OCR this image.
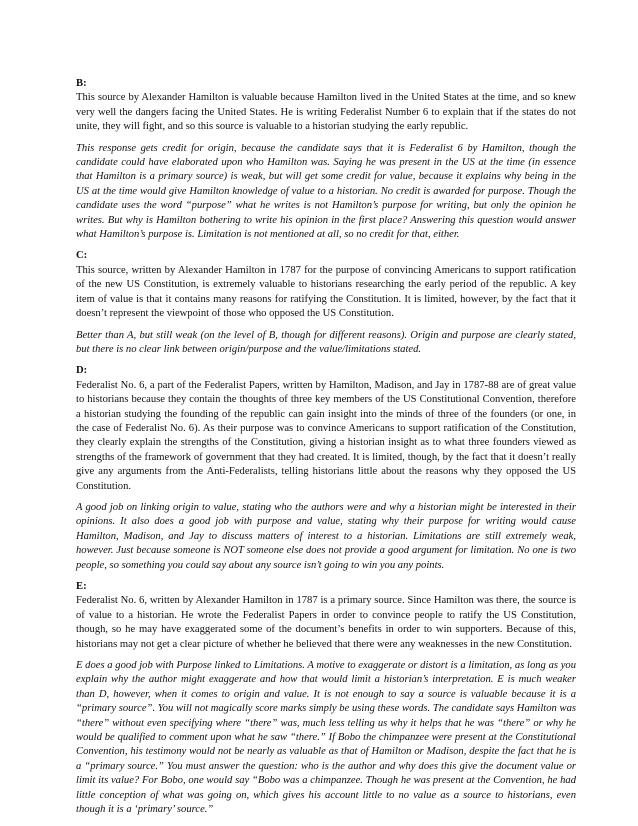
B:

This source by Alexander Hamilton is valuable because Hamilton lived in the United States at the time, and so knew very well the dangers facing the United States. He is writing Federalist Number 6 to explain that if the states do not unite, they will fight, and so this source is valuable to a historian studying the early republic.

This response gets credit for origin, because the candidate says that it is Federalist 6 by Hamilton, though the candidate could have elaborated upon who Hamilton was. Saying he was present in the US at the time (in essence that Hamilton is a primary source) is weak, but will get some credit for value, because it explains why being in the US at the time would give Hamilton knowledge of value to a historian. No credit is awarded for purpose. Though the candidate uses the word “purpose” what he writes is not Hamilton’s purpose for writing, but only the opinion he writes. But why is Hamilton bothering to write his opinion in the first place? Answering this question would answer what Hamilton’s purpose is. Limitation is not mentioned at all, so no credit for that, either.

C:

This source, written by Alexander Hamilton in 1787 for the purpose of convincing Americans to support ratification of the new US Constitution, is extremely valuable to historians researching the early period of the republic. A key item of value is that it contains many reasons for ratifying the Constitution. It is limited, however, by the fact that it doesn’t represent the viewpoint of those who opposed the US Constitution.

Better than A, but still weak (on the level of B, though for different reasons). Origin and purpose are clearly stated, but there is no clear link between origin/purpose and the value/limitations stated.

D:

Federalist No. 6, a part of the Federalist Papers, written by Hamilton, Madison, and Jay in 1787-88 are of great value to historians because they contain the thoughts of three key members of the US Constitutional Convention, therefore a historian studying the founding of the republic can gain insight into the minds of three of the founders (or one, in the case of Federalist No. 6). As their purpose was to convince Americans to support ratification of the Constitution, they clearly explain the strengths of the Constitution, giving a historian insight as to what three founders viewed as strengths of the framework of government that they had created. It is limited, though, by the fact that it doesn’t really give any arguments from the Anti-Federalists, telling historians little about the reasons why they opposed the US Constitution.

A good job on linking origin to value, stating who the authors were and why a historian might be interested in their opinions. It also does a good job with purpose and value, stating why their purpose for writing would cause Hamilton, Madison, and Jay to discuss matters of interest to a historian. Limitations are still extremely weak, however. Just because someone is NOT someone else does not provide a good argument for limitation. No one is two people, so something you could say about any source isn’t going to win you any points.

E:

Federalist No. 6, written by Alexander Hamilton in 1787 is a primary source. Since Hamilton was there, the source is of value to a historian. He wrote the Federalist Papers in order to convince people to ratify the US Constitution, though, so he may have exaggerated some of the document’s benefits in order to win supporters. Because of this, historians may not get a clear picture of whether he believed that there were any weaknesses in the new Constitution.

E does a good job with Purpose linked to Limitations. A motive to exaggerate or distort is a limitation, as long as you explain why the author might exaggerate and how that would limit a historian’s interpretation. E is much weaker than D, however, when it comes to origin and value. It is not enough to say a source is valuable because it is a “primary source”. You will not magically score marks simply be using these words. The candidate says Hamilton was “there” without even specifying where “there” was, much less telling us why it helps that he was “there” or why he would be qualified to comment upon what he saw “there.” If Bobo the chimpanzee were present at the Constitutional Convention, his testimony would not be nearly as valuable as that of Hamilton or Madison, despite the fact that he is a “primary source.” You must answer the question: who is the author and why does this give the document value or limit its value? For Bobo, one would say “Bobo was a chimpanzee. Though he was present at the Convention, he had little conception of what was going on, which gives his account little to no value as a source to historians, even though it is a ‘primary’ source.”
